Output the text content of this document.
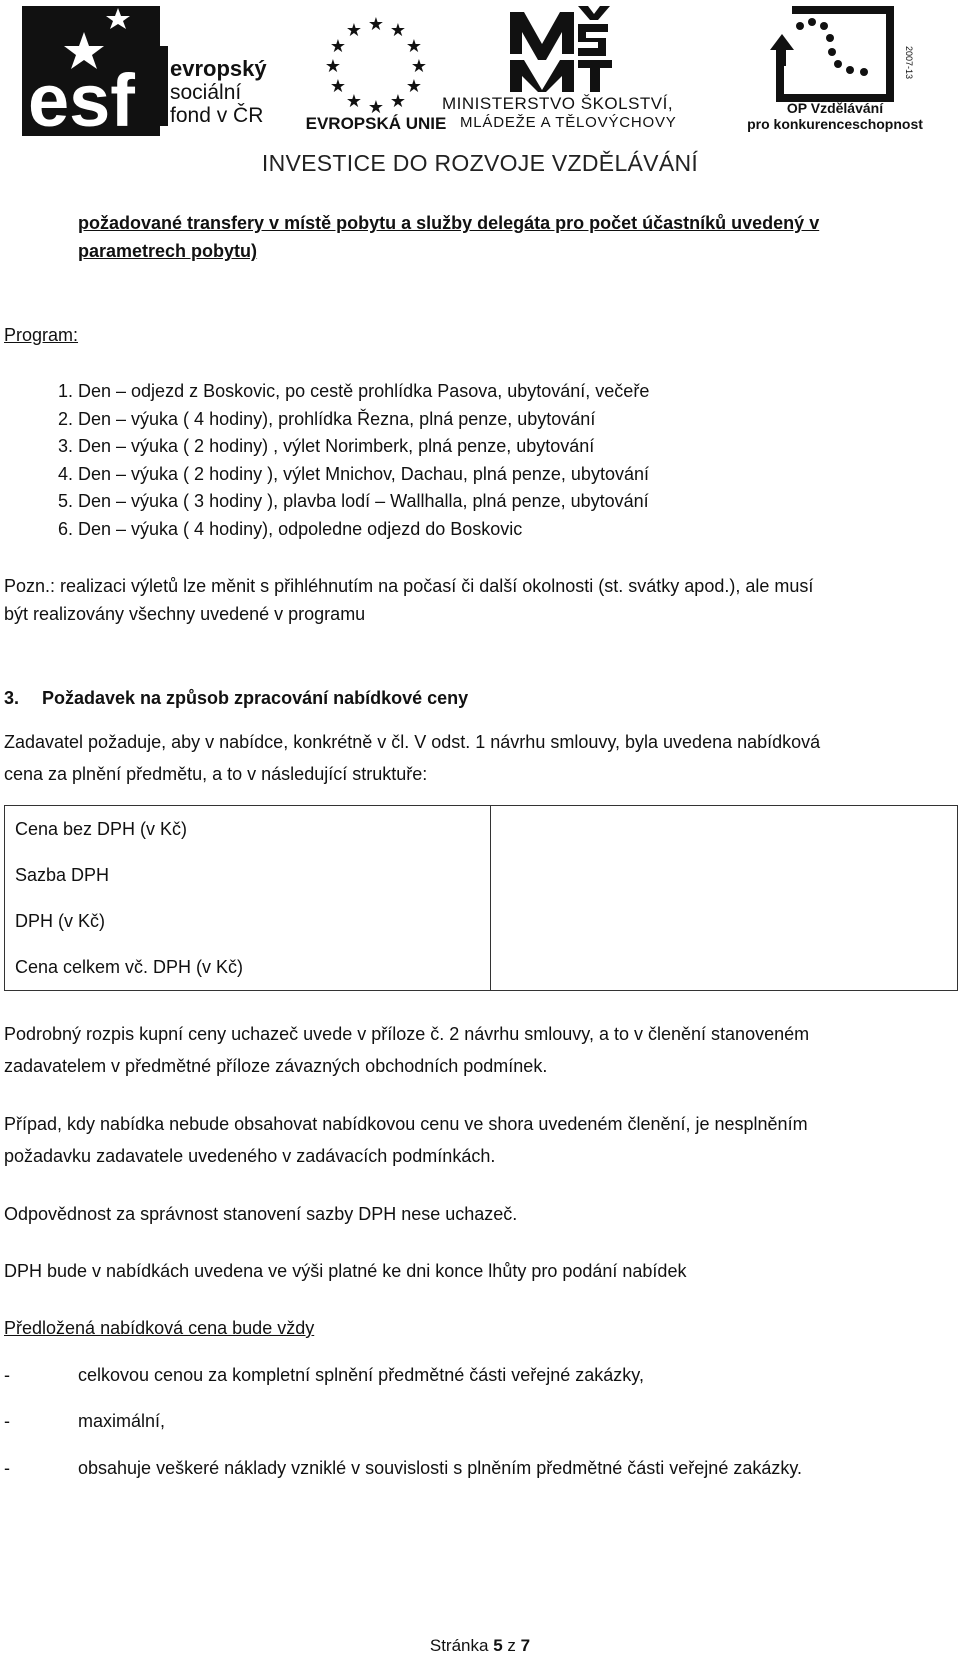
esf evropský
sociální
fond v ČR
★ ★
★
★
★
★
★
★
★
★
★
★
EVROPSKÁ UNIE
MINISTERSTVO ŠKOLSTVÍ,
MLÁDEŽE A TĚLOVÝCHOVY
2007-13
OP Vzdělávání
pro konkurenceschopnost
INVESTICE DO ROZVOJE VZDĚLÁVÁNÍ
požadované transfery v místě pobytu a služby delegáta pro počet účastníků uvedený v
parametrech pobytu)
Program:
1. Den – odjezd z Boskovic, po cestě prohlídka Pasova, ubytování, večeře
2. Den – výuka ( 4 hodiny), prohlídka Řezna, plná penze, ubytování
3. Den – výuka ( 2 hodiny) , výlet Norimberk, plná penze, ubytování
4. Den – výuka ( 2 hodiny ), výlet Mnichov, Dachau, plná penze, ubytování
5. Den – výuka ( 3 hodiny ), plavba lodí – Wallhalla, plná penze, ubytování
6. Den – výuka ( 4 hodiny), odpoledne odjezd do Boskovic
Pozn.: realizaci výletů lze měnit s přihléhnutím na počasí či další okolnosti (st. svátky apod.), ale musí
být realizovány všechny uvedené v programu
3. Požadavek na způsob zpracování nabídkové ceny
Zadavatel požaduje, aby v nabídce, konkrétně v čl. V odst. 1 návrhu smlouvy, byla uvedena nabídková
cena za plnění předmětu, a to v následující struktuře:
Cena bez DPH (v Kč)	
Sazba DPH	
DPH (v Kč)	
Cena celkem vč. DPH (v Kč)	
Podrobný rozpis kupní ceny uchazeč uvede v příloze č. 2 návrhu smlouvy, a to v členění stanoveném
zadavatelem v předmětné příloze závazných obchodních podmínek.
Případ, kdy nabídka nebude obsahovat nabídkovou cenu ve shora uvedeném členění, je nesplněním
požadavku zadavatele uvedeného v zadávacích podmínkách.
Odpovědnost za správnost stanovení sazby DPH nese uchazeč.
DPH bude v nabídkách uvedena ve výši platné ke dni konce lhůty pro podání nabídek
Předložená nabídková cena bude vždy
-	celkovou cenou za kompletní splnění předmětné části veřejné zakázky,
-	maximální,
-	obsahuje veškeré náklady vzniklé v souvislosti s plněním předmětné části veřejné zakázky.
Stránka 5 z 7
